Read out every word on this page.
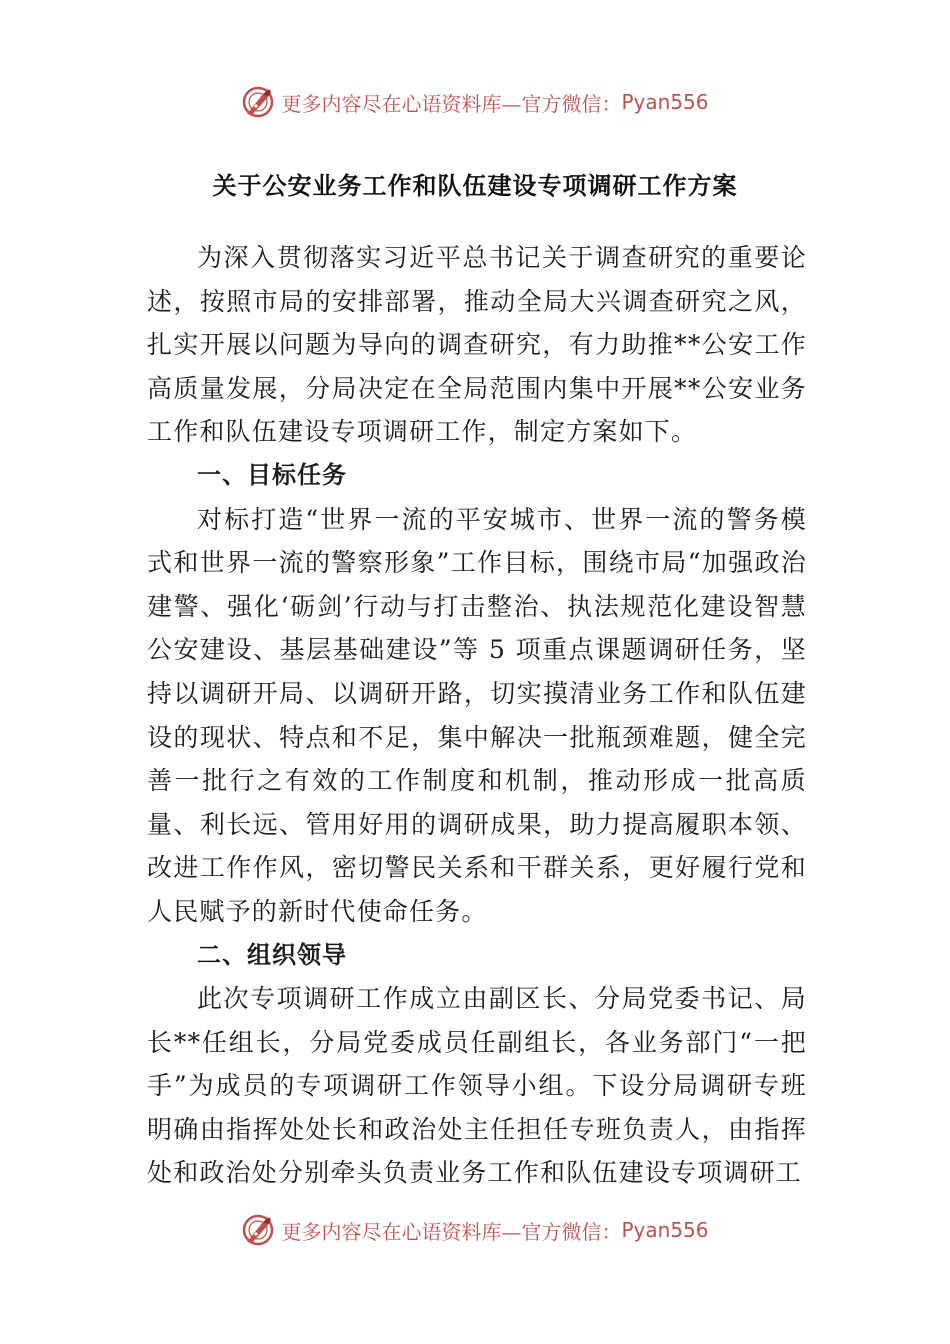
更多内容尽在心语资料库—官方微信： Pyan556
关于公安业务工作和队伍建设专项调研工作方案

为深入贯彻落实习近平总书记关于调查研究的重要论述，按照市局的安排部署，推动全局大兴调查研究之风，扎实开展以问题为导向的调查研究，有力助推**公安工作高质量发展，分局决定在全局范围内集中开展**公安业务工作和队伍建设专项调研工作，制定方案如下。

一、目标任务

对标打造“世界一流的平安城市、世界一流的警务模式和世界一流的警察形象”工作目标，围绕市局“加强政治建警、强化‘砺剑’行动与打击整治、执法规范化建设智慧公安建设、基层基础建设”等 5 项重点课题调研任务，坚持以调研开局、以调研开路，切实摸清业务工作和队伍建设的现状、特点和不足，集中解决一批瓶颈难题，健全完善一批行之有效的工作制度和机制，推动形成一批高质量、利长远、管用好用的调研成果，助力提高履职本领、改进工作作风，密切警民关系和干群关系，更好履行党和人民赋予的新时代使命任务。

二、组织领导

此次专项调研工作成立由副区长、分局党委书记、局长**任组长，分局党委成员任副组长，各业务部门“一把手”为成员的专项调研工作领导小组。下设分局调研专班明确由指挥处处长和政治处主任担任专班负责人，由指挥处和政治处分别牵头负责业务工作和队伍建设专项调研工

更多内容尽在心语资料库—官方微信： Pyan556
